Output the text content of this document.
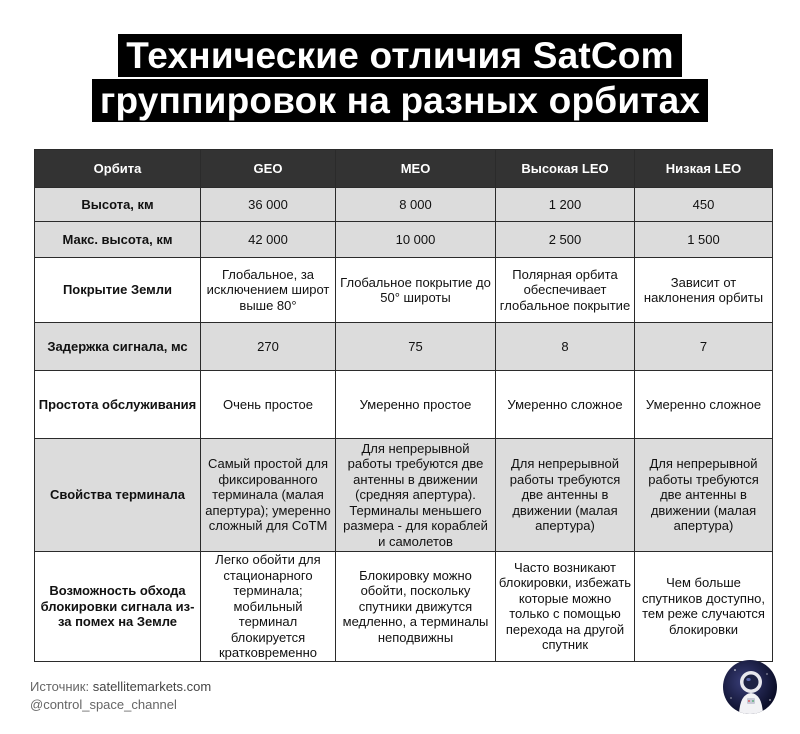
Технические отличия SatCom
группировок на разных орбитах
Орбита	GEO	MEO	Высокая LEO	Низкая LEO
Высота, км	36 000	8 000	1 200	450
Макс. высота, км	42 000	10 000	2 500	1 500
Покрытие Земли	Глобальное, за исключением широт выше 80°	Глобальное покрытие до 50° широты	Полярная орбита обеспечивает глобальное покрытие	Зависит от наклонения орбиты
Задержка сигнала, мс	270	75	8	7
Простота обслуживания	Очень простое	Умеренно простое	Умеренно сложное	Умеренно сложное
Свойства терминала	Самый простой для фиксированного терминала (малая апертура); умеренно сложный для CoTM	Для непрерывной работы требуются две антенны в движении (средняя апертура). Терминалы меньшего размера - для кораблей и самолетов	Для непрерывной работы требуются две антенны в движении (малая апертура)	Для непрерывной работы требуются две антенны в движении (малая апертура)
Возможность обхода блокировки сигнала из-за помех на Земле	Легко обойти для стационарного терминала; мобильный терминал блокируется кратковременно	Блокировку можно обойти, поскольку спутники движутся медленно, а терминалы неподвижны	Часто возникают блокировки, избежать которые можно только с помощью перехода на другой спутник	Чем больше спутников доступно, тем реже случаются блокировки
Источник: satellitemarkets.com
@control_space_channel
